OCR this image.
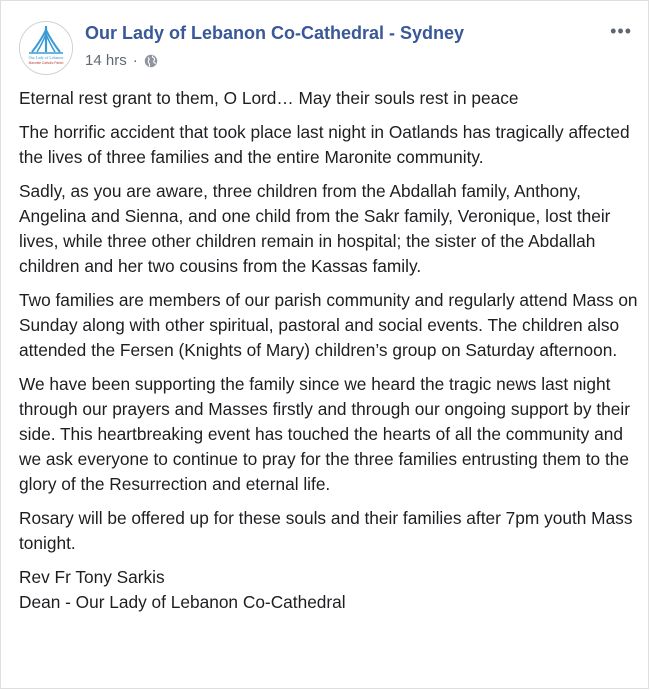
Our Lady of Lebanon
Maronite Catholic Parish
Our Lady of Lebanon Co-Cathedral - Sydney
14 hrs ·
•••

Eternal rest grant to them, O Lord… May their souls rest in peace

The horrific accident that took place last night in Oatlands has tragically affected the lives of three families and the entire Maronite community.

Sadly, as you are aware, three children from the Abdallah family, Anthony, Angelina and Sienna, and one child from the Sakr family, Veronique, lost their lives, while three other children remain in hospital; the sister of the Abdallah children and her two cousins from the Kassas family.

Two families are members of our parish community and regularly attend Mass on Sunday along with other spiritual, pastoral and social events. The children also attended the Fersen (Knights of Mary) children’s group on Saturday afternoon.

We have been supporting the family since we heard the tragic news last night through our prayers and Masses firstly and through our ongoing support by their side. This heartbreaking event has touched the hearts of all the community and we ask everyone to continue to pray for the three families entrusting them to the glory of the Resurrection and eternal life.

Rosary will be offered up for these souls and their families after 7pm youth Mass tonight.

Rev Fr Tony Sarkis
Dean - Our Lady of Lebanon Co-Cathedral
